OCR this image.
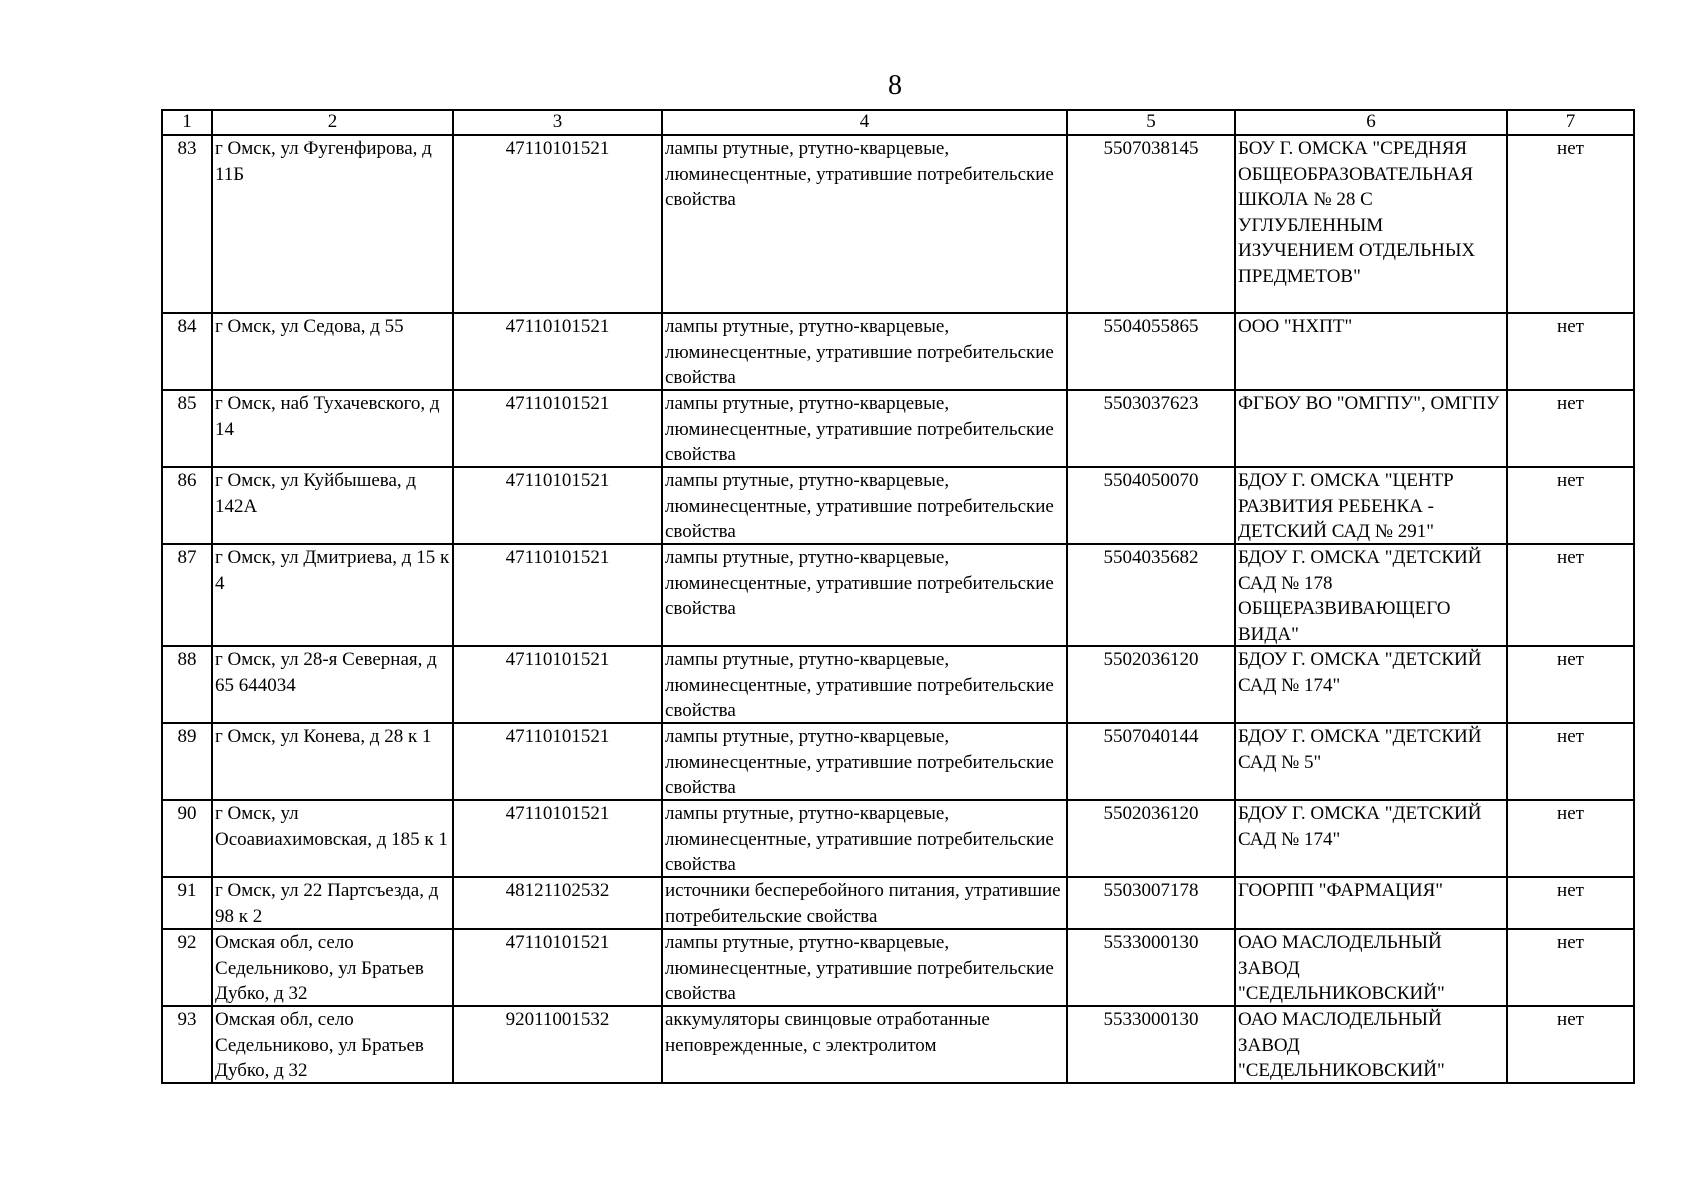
8
1	2	3	4	5	6	7

83	г Омск, ул Фугенфирова, д 11Б	47110101521	лампы ртутные, ртутно-кварцевые, люминесцентные, утратившие потребительские свойства	5507038145	БОУ Г. ОМСКА "СРЕДНЯЯ ОБЩЕОБРАЗОВАТЕЛЬНАЯ ШКОЛА № 28 С УГЛУБЛЕННЫМ ИЗУЧЕНИЕМ ОТДЕЛЬНЫХ ПРЕДМЕТОВ"	нет

84	г Омск, ул Седова, д 55	47110101521	лампы ртутные, ртутно-кварцевые, люминесцентные, утратившие потребительские свойства	5504055865	ООО "НХПТ"	нет

85	г Омск, наб Тухачевского, д 14	47110101521	лампы ртутные, ртутно-кварцевые, люминесцентные, утратившие потребительские свойства	5503037623	ФГБОУ ВО "ОМГПУ", ОМГПУ	нет

86	г Омск, ул Куйбышева, д 142А	47110101521	лампы ртутные, ртутно-кварцевые, люминесцентные, утратившие потребительские свойства	5504050070	БДОУ Г. ОМСКА "ЦЕНТР РАЗВИТИЯ РЕБЕНКА - ДЕТСКИЙ САД № 291"	нет

87	г Омск, ул Дмитриева, д 15 к 4	47110101521	лампы ртутные, ртутно-кварцевые, люминесцентные, утратившие потребительские свойства	5504035682	БДОУ Г. ОМСКА "ДЕТСКИЙ САД № 178 ОБЩЕРАЗВИВАЮЩЕГО ВИДА"	нет

88	г Омск, ул 28-я Северная, д 65 644034	47110101521	лампы ртутные, ртутно-кварцевые, люминесцентные, утратившие потребительские свойства	5502036120	БДОУ Г. ОМСКА "ДЕТСКИЙ САД № 174"	нет

89	г Омск, ул Конева, д 28 к 1	47110101521	лампы ртутные, ртутно-кварцевые, люминесцентные, утратившие потребительские свойства	5507040144	БДОУ Г. ОМСКА "ДЕТСКИЙ САД № 5"	нет

90	г Омск, ул Осоавиахимовская, д 185 к 1	47110101521	лампы ртутные, ртутно-кварцевые, люминесцентные, утратившие потребительские свойства	5502036120	БДОУ Г. ОМСКА "ДЕТСКИЙ САД № 174"	нет

91	г Омск, ул 22 Партсъезда, д 98 к 2	48121102532	источники бесперебойного питания, утратившие потребительские свойства	5503007178	ГООРПП "ФАРМАЦИЯ"	нет

92	Омская обл, село Седельниково, ул Братьев Дубко, д 32	47110101521	лампы ртутные, ртутно-кварцевые, люминесцентные, утратившие потребительские свойства	5533000130	ОАО МАСЛОДЕЛЬНЫЙ ЗАВОД "СЕДЕЛЬНИКОВСКИЙ"	нет

93	Омская обл, село Седельниково, ул Братьев Дубко, д 32	92011001532	аккумуляторы свинцовые отработанные неповрежденные, с электролитом	5533000130	ОАО МАСЛОДЕЛЬНЫЙ ЗАВОД "СЕДЕЛЬНИКОВСКИЙ"	нет
